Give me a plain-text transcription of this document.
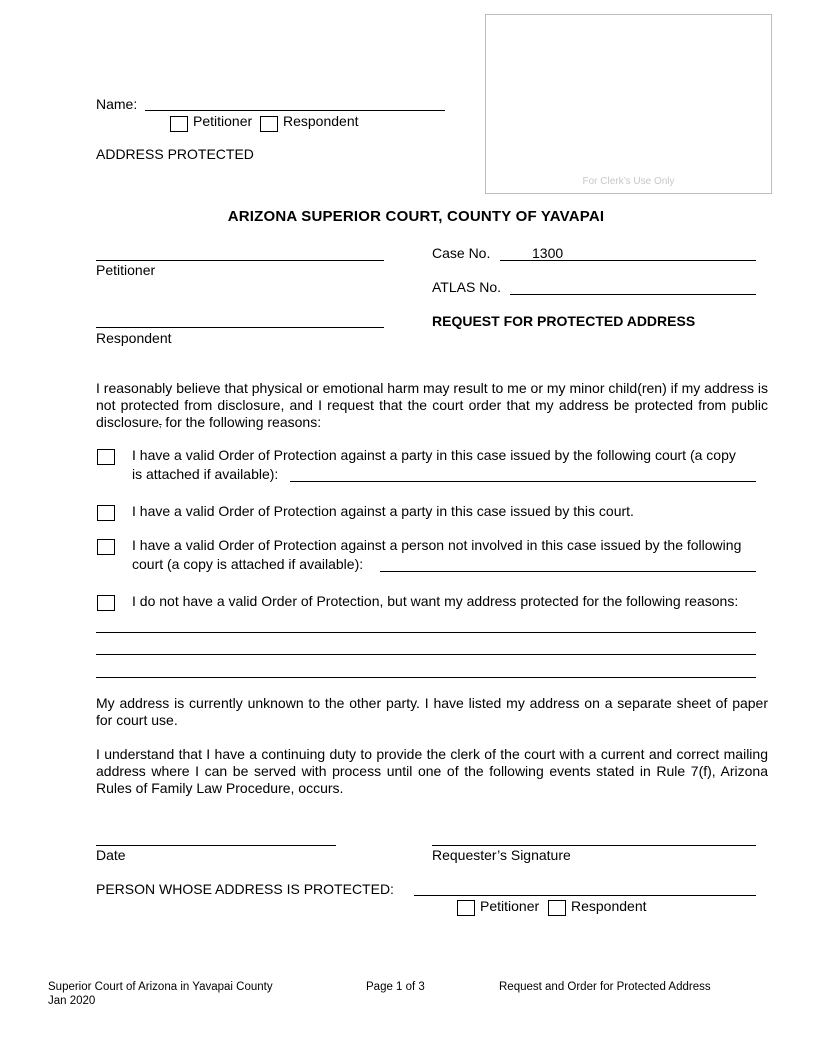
Name:
Petitioner Respondent
ADDRESS PROTECTED
For Clerk’s Use Only
ARIZONA SUPERIOR COURT, COUNTY OF YAVAPAI
Petitioner
Respondent
Case No.	1300
ATLAS No.
REQUEST FOR PROTECTED ADDRESS
I reasonably believe that physical or emotional harm may result to me or my minor child(ren) if my address is not protected from disclosure, and I request that the court order that my address be protected from public disclosure, for the following reasons:
I have a valid Order of Protection against a party in this case issued by the following court (a copy
is attached if available):
I have a valid Order of Protection against a party in this case issued by this court.
I have a valid Order of Protection against a person not involved in this case issued by the following
court (a copy is attached if available):
I do not have a valid Order of Protection, but want my address protected for the following reasons:
My address is currently unknown to the other party. I have listed my address on a separate sheet of paper for court use.
I understand that I have a continuing duty to provide the clerk of the court with a current and correct mailing address where I can be served with process until one of the following events stated in Rule 7(f), Arizona Rules of Family Law Procedure, occurs.
Date	Requester’s Signature
PERSON WHOSE ADDRESS IS PROTECTED:
Petitioner Respondent
Superior Court of Arizona in Yavapai County
Jan 2020
Page 1 of 3	Request and Order for Protected Address
